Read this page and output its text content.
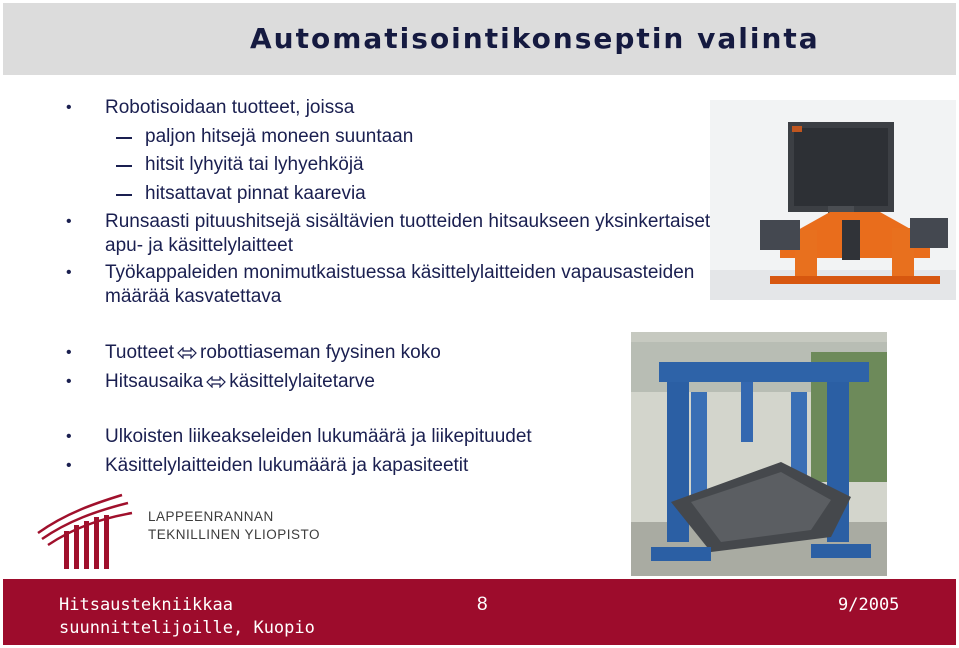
Automatisointikonseptin valinta
• Robotisoidaan tuotteet, joissa
paljon hitsejä moneen suuntaan
hitsit lyhyitä tai lyhyehköjä
hitsattavat pinnat kaarevia
• Runsaasti pituushitsejä sisältävien tuotteiden hitsaukseen yksinkertaiset
apu- ja käsittelylaitteet
• Työkappaleiden monimutkaistuessa käsittelylaitteiden vapausasteiden
määrää kasvatettava
• Tuotteet robottiaseman fyysinen koko
• Hitsausaika käsittelylaitetarve
• Ulkoisten liikeakseleiden lukumäärä ja liikepituudet
• Käsittelylaitteiden lukumäärä ja kapasiteetit
LAPPEENRANNAN
TEKNILLINEN YLIOPISTO
Hitsaustekniikkaa
suunnittelijoille, Kuopio
8	9/2005
